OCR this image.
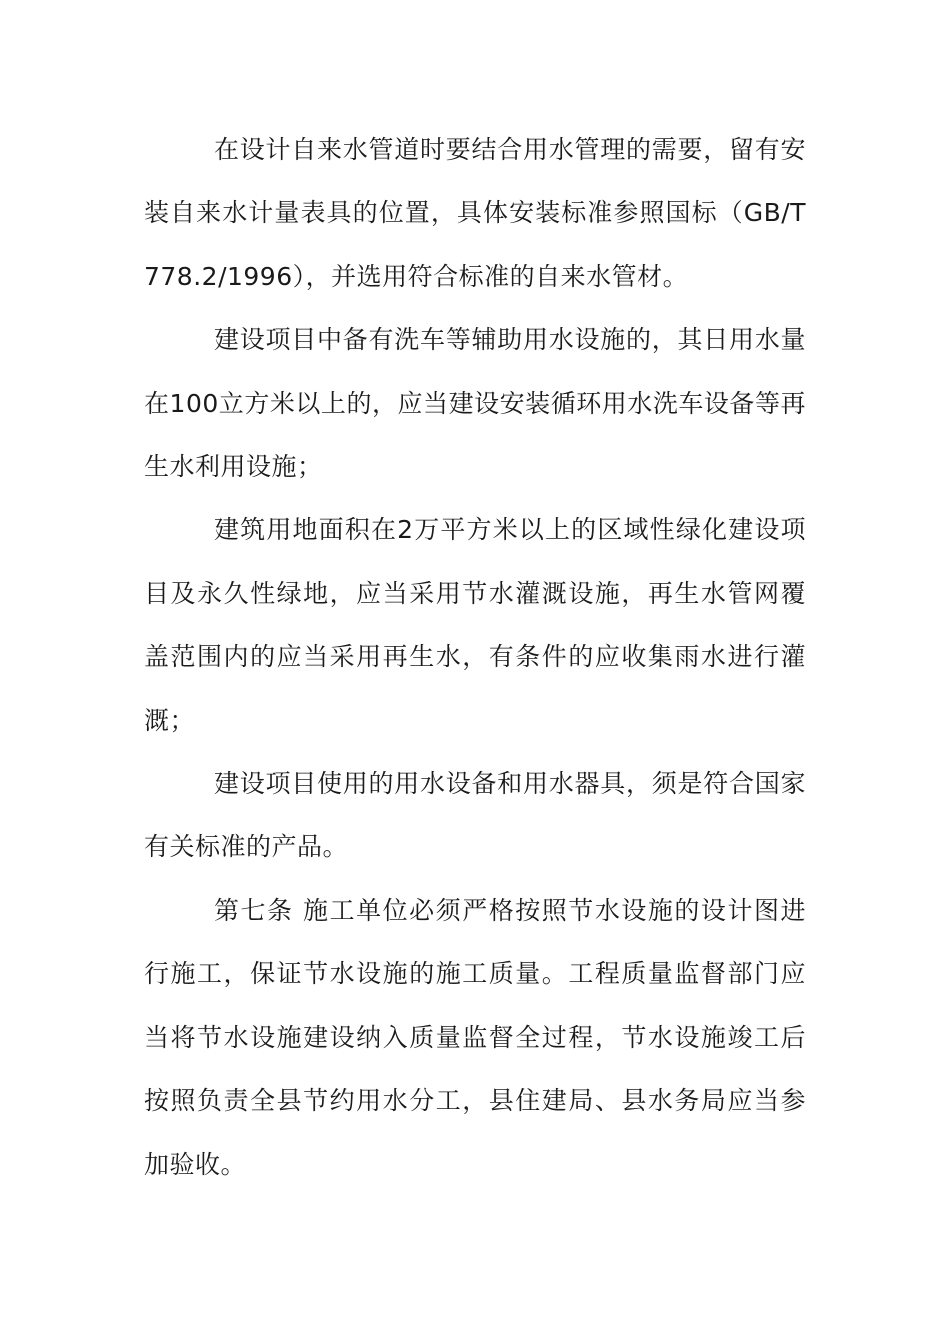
在设计自来水管道时要结合用水管理的需要，留有安装自来水计量表具的位置，具体安装标准参照国标（GB/T778.2/1996），并选用符合标准的自来水管材。

建设项目中备有洗车等辅助用水设施的，其日用水量在100立方米以上的，应当建设安装循环用水洗车设备等再生水利用设施；

建筑用地面积在2万平方米以上的区域性绿化建设项目及永久性绿地，应当采用节水灌溉设施，再生水管网覆盖范围内的应当采用再生水，有条件的应收集雨水进行灌溉；

建设项目使用的用水设备和用水器具，须是符合国家有关标准的产品。

第七条 施工单位必须严格按照节水设施的设计图进行施工，保证节水设施的施工质量。工程质量监督部门应当将节水设施建设纳入质量监督全过程，节水设施竣工后按照负责全县节约用水分工，县住建局、县水务局应当参加验收。
